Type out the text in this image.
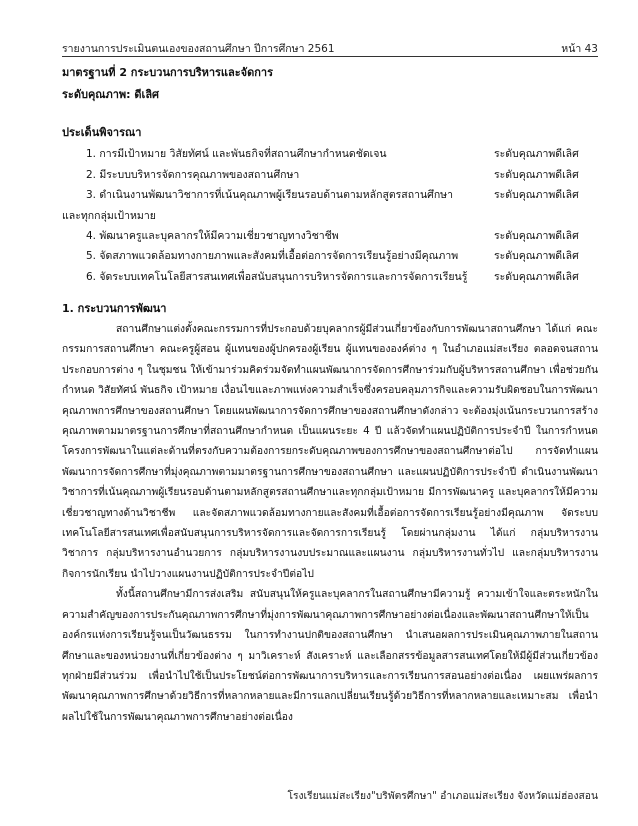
รายงานการประเมินตนเองของสถานศึกษา ปีการศึกษา 2561	หน้า 43
มาตรฐานที่ 2 กระบวนการบริหารและจัดการ
ระดับคุณภาพ: ดีเลิศ
ประเด็นพิจารณา
1. การมีเป้าหมาย วิสัยทัศน์ และพันธกิจที่สถานศึกษากำหนดชัดเจน	ระดับคุณภาพดีเลิศ
2. มีระบบบริหารจัดการคุณภาพของสถานศึกษา	ระดับคุณภาพดีเลิศ
3. ดำเนินงานพัฒนาวิชาการที่เน้นคุณภาพผู้เรียนรอบด้านตามหลักสูตรสถานศึกษา	ระดับคุณภาพดีเลิศ
และทุกกลุ่มเป้าหมาย
4. พัฒนาครูและบุคลากรให้มีความเชี่ยวชาญทางวิชาชีพ	ระดับคุณภาพดีเลิศ
5. จัดสภาพแวดล้อมทางกายภาพและสังคมที่เอื้อต่อการจัดการเรียนรู้อย่างมีคุณภาพ	ระดับคุณภาพดีเลิศ
6. จัดระบบเทคโนโลยีสารสนเทศเพื่อสนับสนุนการบริหารจัดการและการจัดการเรียนรู้	ระดับคุณภาพดีเลิศ
1. กระบวนการพัฒนา

สถานศึกษาแต่งตั้งคณะกรรมการที่ประกอบด้วยบุคลากรผู้มีส่วนเกี่ยวข้องกับการพัฒนาสถานศึกษา ได้แก่ คณะกรรมการสถานศึกษา คณะครูผู้สอน ผู้แทนของผู้ปกครองผู้เรียน ผู้แทนขององค์ต่าง ๆ ในอำเภอแม่สะเรียง ตลอดจนสถานประกอบการต่าง ๆ ในชุมชน ให้เข้ามาร่วมคิดร่วมจัดทำแผนพัฒนาการจัดการศึกษาร่วมกับผู้บริหารสถานศึกษา เพื่อช่วยกันกำหนด วิสัยทัศน์ พันธกิจ เป้าหมาย เงื่อนไขและภาพแห่งความสำเร็จซึ่งครอบคลุมภารกิจและความรับผิดชอบในการพัฒนาคุณภาพการศึกษาของสถานศึกษา โดยแผนพัฒนาการจัดการศึกษาของสถานศึกษาดังกล่าว จะต้องมุ่งเน้นกระบวนการสร้างคุณภาพตามมาตรฐานการศึกษาที่สถานศึกษากำหนด เป็นแผนระยะ 4 ปี แล้วจัดทำแผนปฏิบัติการประจำปี ในการกำหนดโครงการพัฒนาในแต่ละด้านที่ตรงกับความต้องการยกระดับคุณภาพของการศึกษาของสถานศึกษาต่อไป การจัดทำแผนพัฒนาการจัดการศึกษาที่มุ่งคุณภาพตามมาตรฐานการศึกษาของสถานศึกษา และแผนปฏิบัติการประจำปี ดำเนินงานพัฒนาวิชาการที่เน้นคุณภาพผู้เรียนรอบด้านตามหลักสูตรสถานศึกษาและทุกกลุ่มเป้าหมาย มีการพัฒนาครู และบุคลากรให้มีความเชี่ยวชาญทางด้านวิชาชีพ และจัดสภาพแวดล้อมทางกายและสังคมที่เอื้อต่อการจัดการเรียนรู้อย่างมีคุณภาพ จัดระบบเทคโนโลยีสารสนเทศเพื่อสนับสนุนการบริหารจัดการและจัดการการเรียนรู้ โดยผ่านกลุ่มงาน ได้แก่ กลุ่มบริหารงานวิชาการ กลุ่มบริหารงานอำนวยการ กลุ่มบริหารงานงบประมาณและแผนงาน กลุ่มบริหารงานทั่วไป และกลุ่มบริหารงานกิจการนักเรียน นำไปวางแผนงานปฏิบัติการประจำปีต่อไป

ทั้งนี้สถานศึกษามีการส่งเสริม สนับสนุนให้ครูและบุคลากรในสถานศึกษามีความรู้ ความเข้าใจและตระหนักในความสำคัญของการประกันคุณภาพการศึกษาที่มุ่งการพัฒนาคุณภาพการศึกษาอย่างต่อเนื่องและพัฒนาสถานศึกษาให้เป็นองค์กรแห่งการเรียนรู้จนเป็นวัฒนธรรม ในการทำงานปกติของสถานศึกษา นำเสนอผลการประเมินคุณภาพภายในสถานศึกษาและของหน่วยงานที่เกี่ยวข้องต่าง ๆ มาวิเคราะห์ สังเคราะห์ และเลือกสรรข้อมูลสารสนเทศโดยให้มีผู้มีส่วนเกี่ยวข้องทุกฝ่ายมีส่วนร่วม เพื่อนำไปใช้เป็นประโยชน์ต่อการพัฒนาการบริหารและการเรียนการสอนอย่างต่อเนื่อง เผยแพร่ผลการพัฒนาคุณภาพการศึกษาด้วยวิธีการที่หลากหลายและมีการแลกเปลี่ยนเรียนรู้ด้วยวิธีการที่หลากหลายและเหมาะสม เพื่อนำผลไปใช้ในการพัฒนาคุณภาพการศึกษาอย่างต่อเนื่อง

โรงเรียนแม่สะเรียง"บริพัตรศึกษา" อำเภอแม่สะเรียง จังหวัดแม่ฮ่องสอน
